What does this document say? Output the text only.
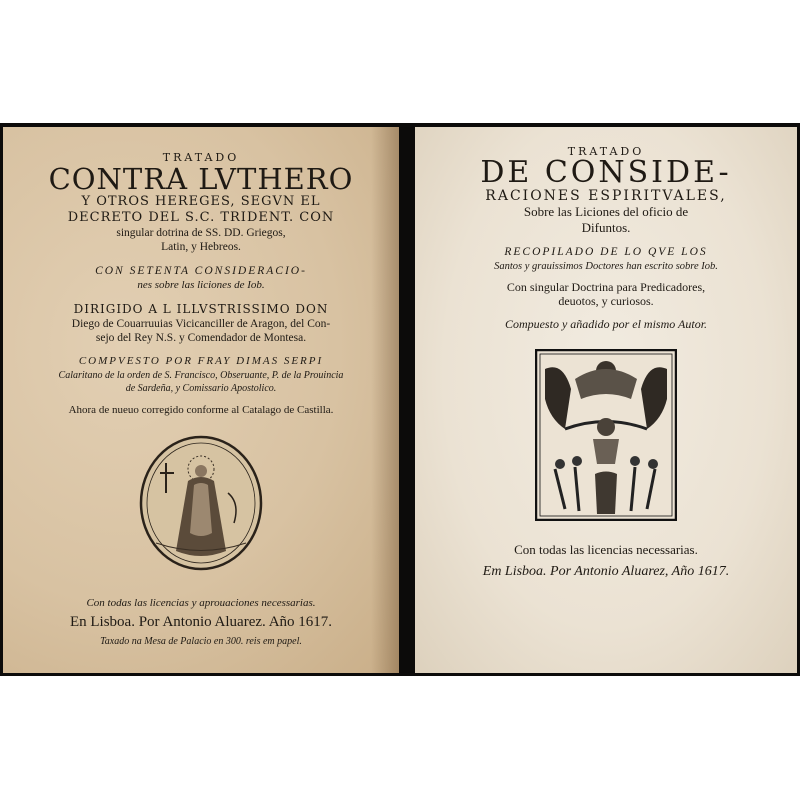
TRATADO
CONTRA LVTHERO
Y OTROS HEREGES, SEGVN EL
DECRETO DEL S.C. TRIDENT. CON
singular dotrina de SS. DD. Griegos,
Latin, y Hebreos.
CON SETENTA CONSIDERACIO-
nes sobre las liciones de Iob.
DIRIGIDO A L ILLVSTRISSIMO DON
Diego de Couarruuias Vicicanciller de Aragon, del Con-
sejo del Rey N.S. y Comendador de Montesa.
COMPVESTO POR FRAY DIMAS SERPI
Calaritano de la orden de S. Francisco, Obseruante, P. de la Prouincia
de Sardeña, y Comissario Apostolico.
Ahora de nueuo corregido conforme al Catalago de Castilla.
Con todas las licencias y aprouaciones necessarias.
En Lisboa. Por Antonio Aluarez. Año 1617.
Taxado na Mesa de Palacio en 300. reis em papel.
TRATADO
DE CONSIDE-
RACIONES ESPIRITVALES,
Sobre las Liciones del oficio de
Difuntos.
RECOPILADO DE LO QVE LOS
Santos y grauissimos Doctores han escrito sobre Iob.
Con singular Doctrina para Predicadores,
deuotos, y curiosos.
Compuesto y añadido por el mismo Autor.
Con todas las licencias necessarias.
Em Lisboa. Por Antonio Aluarez, Año 1617.
